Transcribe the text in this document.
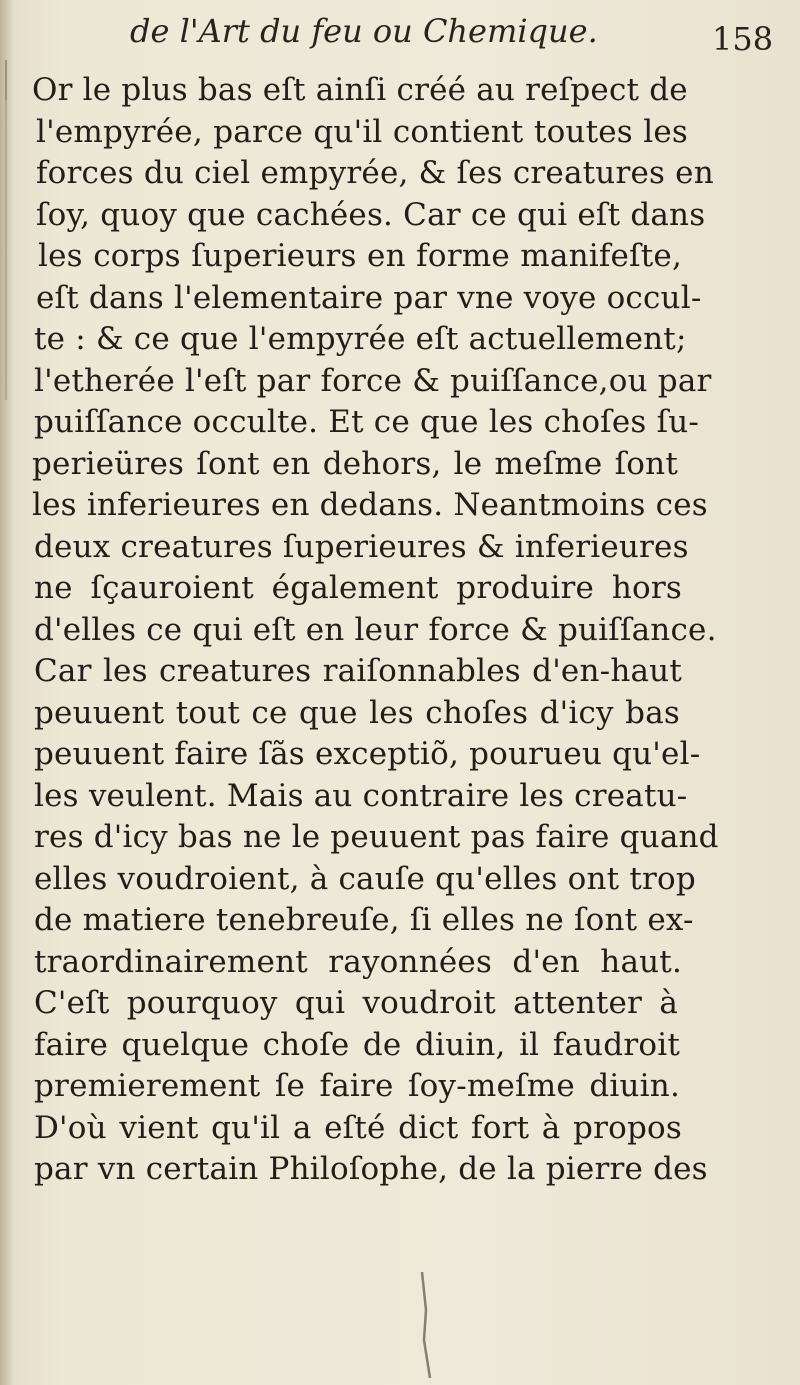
de l'Art du feu ou Chemique.	158
Or le plus bas eſt ainſi créé au reſpect de
l'empyrée, parce qu'il contient toutes les
forces du ciel empyrée, & ſes creatures en
ſoy, quoy que cachées. Car ce qui eſt dans
les corps ſuperieurs en forme manifeſte,
eſt dans l'elementaire par vne voye occul-
te : & ce que l'empyrée eſt actuellement;
l'etherée l'eſt par force & puiſſance,ou par
puiſſance occulte. Et ce que les choſes ſu-
perieüres ſont en dehors, le meſme ſont
les inferieures en dedans. Neantmoins ces
deux creatures ſuperieures & inferieures
ne ſçauroient également produire hors
d'elles ce qui eſt en leur force & puiſſance.
Car les creatures raiſonnables d'en-haut
peuuent tout ce que les choſes d'icy bas
peuuent faire ſãs exceptiõ, pourueu qu'el-
les veulent. Mais au contraire les creatu-
res d'icy bas ne le peuuent pas faire quand
elles voudroient, à cauſe qu'elles ont trop
de matiere tenebreuſe, ſi elles ne ſont ex-
traordinairement rayonnées d'en haut.
C'eſt pourquoy qui voudroit attenter à
faire quelque choſe de diuin, il faudroit
premierement ſe faire ſoy-meſme diuin.
D'où vient qu'il a eſté dict fort à propos
par vn certain Philoſophe, de la pierre des
